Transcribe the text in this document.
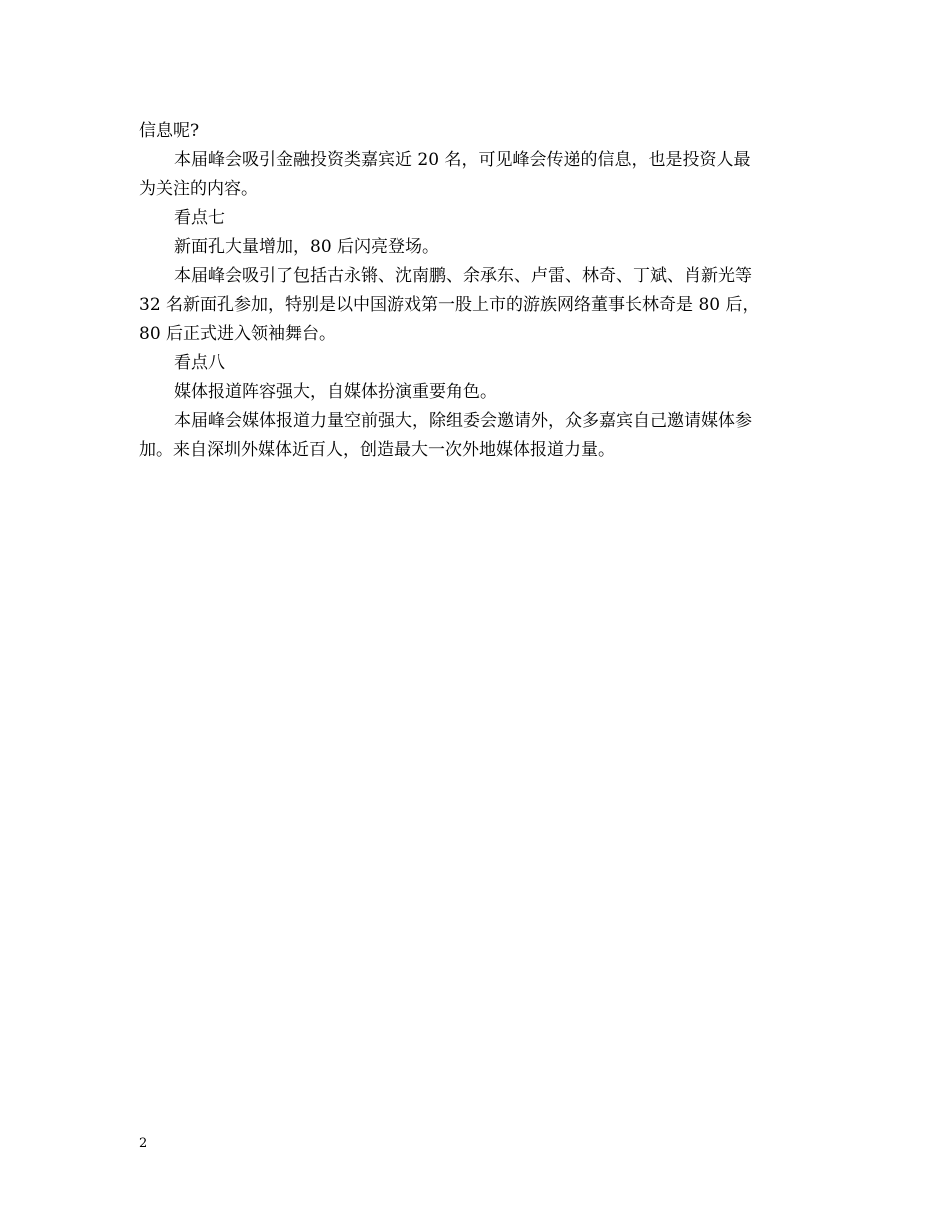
信息呢?

本届峰会吸引金融投资类嘉宾近 20 名，可见峰会传递的信息，也是投资人最

为关注的内容。

看点七

新面孔大量增加，80 后闪亮登场。

本届峰会吸引了包括古永锵、沈南鹏、余承东、卢雷、林奇、丁斌、肖新光等

32 名新面孔参加，特别是以中国游戏第一股上市的游族网络董事长林奇是 80 后，

80 后正式进入领袖舞台。

看点八

媒体报道阵容强大，自媒体扮演重要角色。

本届峰会媒体报道力量空前强大，除组委会邀请外，众多嘉宾自己邀请媒体参

加。来自深圳外媒体近百人，创造最大一次外地媒体报道力量。

2
